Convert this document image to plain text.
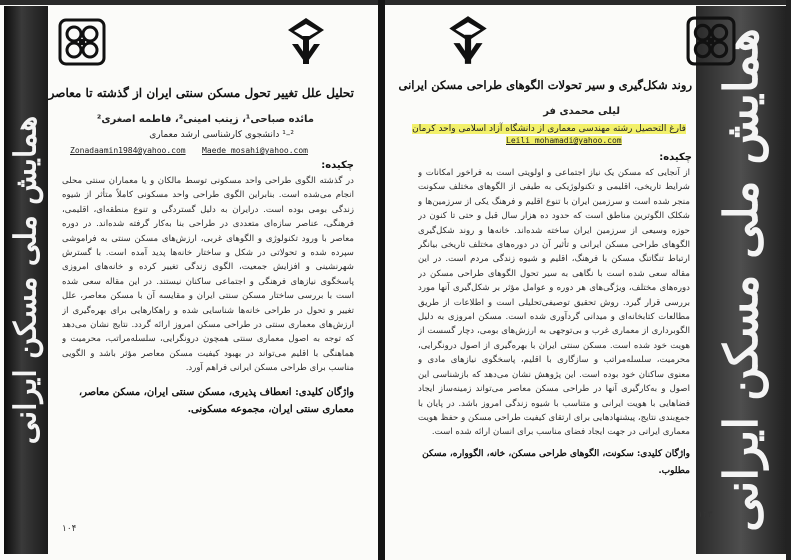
همایش ملی مسکن ایرانی
تحلیل علل تغییر تحول مسکن سنتی ایران از گذشته تا معاصر
مائده صباحی¹، زینب امینی²، فاطمه اصغری²
²–¹ دانشجوی کارشناسی ارشد معماری
Maede_mosahi@yahoo.com
Zonadaamin1984@yahoo.com
چکیده:
در گذشته الگوی طراحی واحد مسکونی توسط مالکان و یا معماران سنتی محلی انجام می‌شده است. بنابراین الگوی طراحی واحد مسکونی کاملاً متأثر از شیوه زندگی بومی بوده است. درایران به دلیل گستردگی و تنوع منطقه‌ای، اقلیمی، فرهنگی، عناصر سازه‌ای متعددی در طراحی بنا به‌کار گرفته شده‌اند. در دوره معاصر با ورود تکنولوژی و الگوهای غربی، ارزش‌های مسکن سنتی به فراموشی سپرده شده و تحولاتی در شکل و ساختار خانه‌ها پدید آمده است. با گسترش شهرنشینی و افزایش جمعیت، الگوی زندگی تغییر کرده و خانه‌های امروزی پاسخگوی نیازهای فرهنگی و اجتماعی ساکنان نیستند. در این مقاله سعی شده است با بررسی ساختار مسکن سنتی ایران و مقایسه آن با مسکن معاصر، علل تغییر و تحول در طراحی خانه‌ها شناسایی شده و راهکارهایی برای بهره‌گیری از ارزش‌های معماری سنتی در طراحی مسکن امروز ارائه گردد. نتایج نشان می‌دهد که توجه به اصول معماری سنتی همچون درونگرایی، سلسله‌مراتب، محرمیت و هماهنگی با اقلیم می‌تواند در بهبود کیفیت مسکن معاصر مؤثر باشد و الگویی مناسب برای طراحی مسکن ایرانی فراهم آورد.
واژگان کلیدی: انعطاف پذیری، مسکن سنتی ایران، مسکن معاصر، معماری سنتی ایران، مجموعه مسکونی.
۱۰۴	همایش ملی مسکن ایرانی
روند شکل‌گیری و سیر تحولات الگوهای طراحی مسکن ایرانی
لیلی محمدی فر
فارغ التحصیل رشته مهندسی معماری از دانشگاه آزاد اسلامی واحد کرمان
Leili_mohamadi@yahoo.com
چکیده:
از آنجایی که مسکن یک نیاز اجتماعی و اولویتی است به فراخور امکانات و شرایط تاریخی، اقلیمی و تکنولوژیکی به طیفی از الگوهای مختلف سکونت منجر شده است و سرزمین ایران با تنوع اقلیم و فرهنگ یکی از سرزمین‌ها و شکلک الگوترین مناطق است که حدود ده هزار سال قبل و حتی تا کنون در حوزه وسیعی از سرزمین ایران ساخته شده‌اند. خانه‌ها و روند شکل‌گیری الگوهای طراحی مسکن ایرانی و تأثیر آن در دوره‌های مختلف تاریخی بیانگر ارتباط تنگاتنگ مسکن با فرهنگ، اقلیم و شیوه زندگی مردم است. در این مقاله سعی شده است با نگاهی به سیر تحول الگوهای طراحی مسکن در دوره‌های مختلف، ویژگی‌های هر دوره و عوامل مؤثر بر شکل‌گیری آنها مورد بررسی قرار گیرد. روش تحقیق توصیفی‌تحلیلی است و اطلاعات از طریق مطالعات کتابخانه‌ای و میدانی گردآوری شده است. مسکن امروزی به دلیل الگوبرداری از معماری غرب و بی‌توجهی به ارزش‌های بومی، دچار گسست از هویت خود شده است. مسکن سنتی ایران با بهره‌گیری از اصول درونگرایی، محرمیت، سلسله‌مراتب و سازگاری با اقلیم، پاسخگوی نیازهای مادی و معنوی ساکنان خود بوده است. این پژوهش نشان می‌دهد که بازشناسی این اصول و به‌کارگیری آنها در طراحی مسکن معاصر می‌تواند زمینه‌ساز ایجاد فضاهایی با هویت ایرانی و متناسب با شیوه زندگی امروز باشد. در پایان با جمع‌بندی نتایج، پیشنهادهایی برای ارتقای کیفیت طراحی مسکن و حفظ هویت معماری ایرانی در جهت ایجاد فضای مناسب برای انسان ارائه شده است.
واژگان کلیدی: سکونت، الگوهای طراحی مسکن، خانه، الگوواره، مسکن مطلوب.
۱۴۳
